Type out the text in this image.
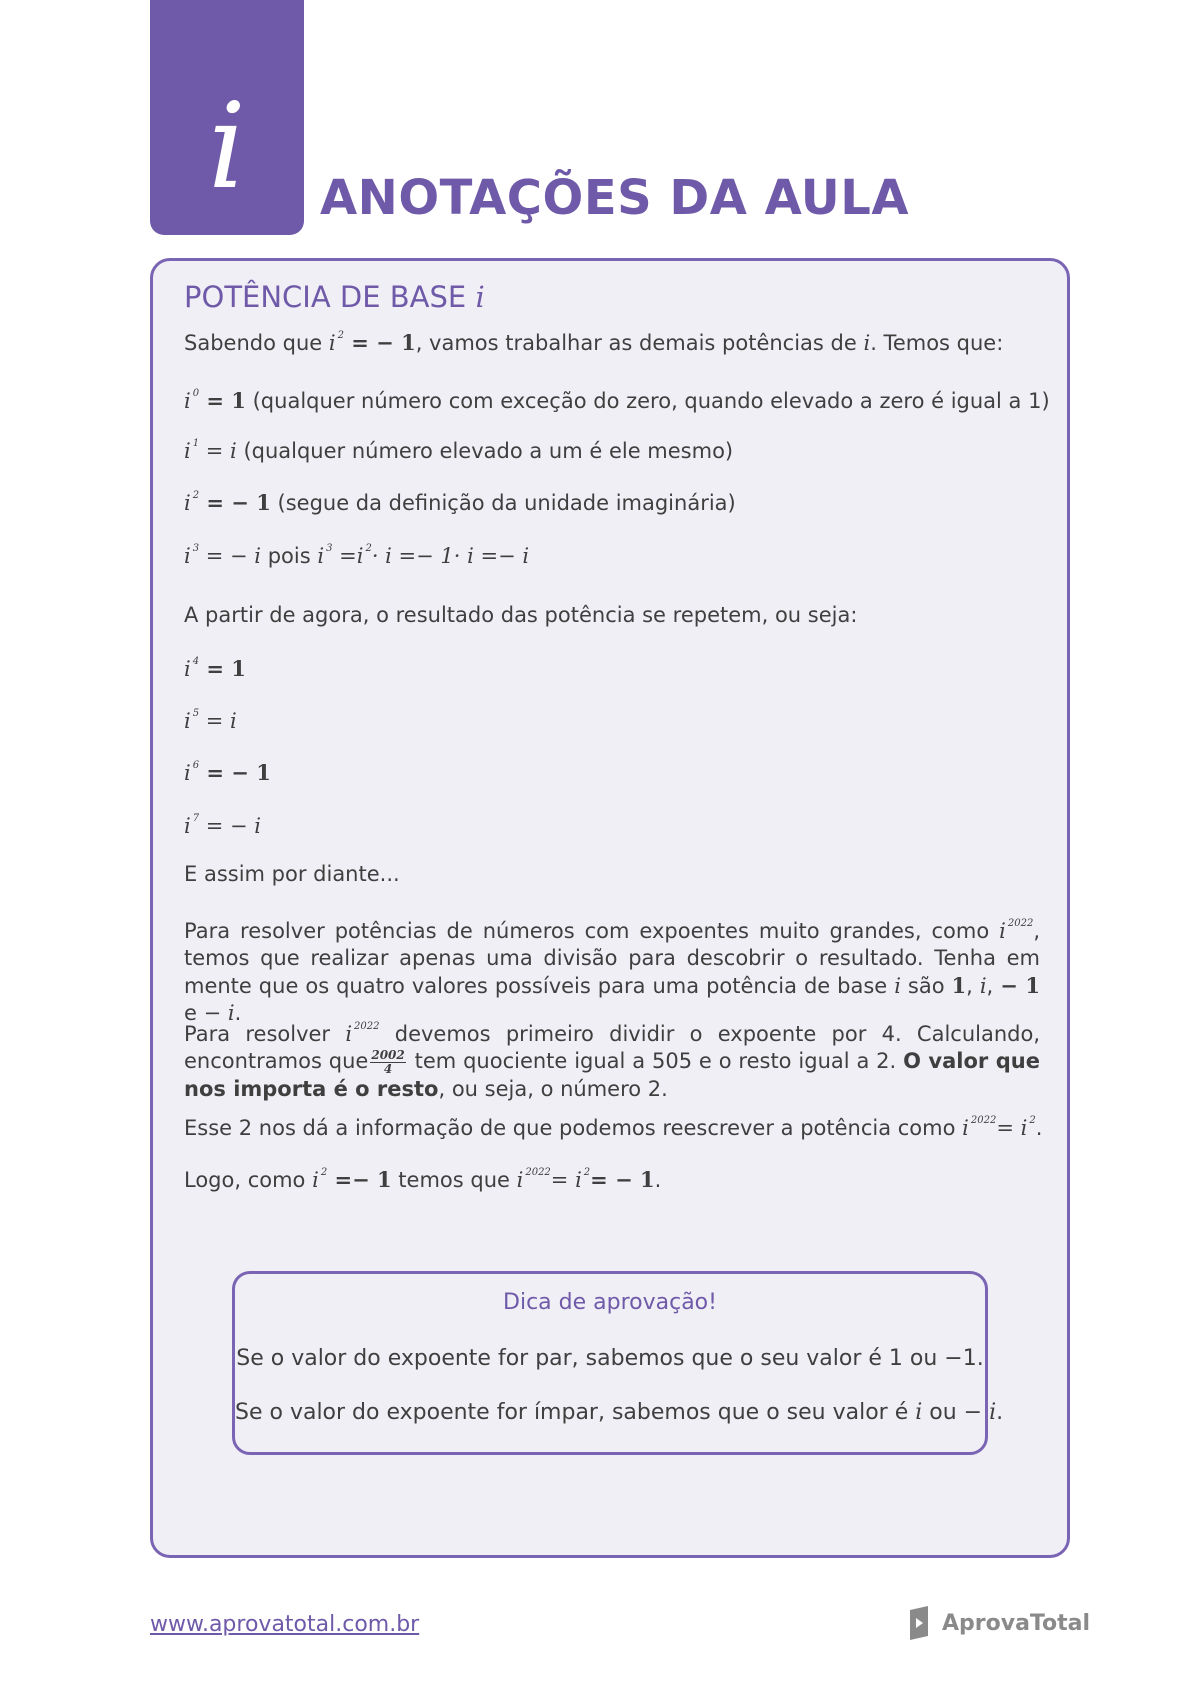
i ANOTAÇÕES DA AULA
POTÊNCIA DE BASE i
Sabendo que i $^2$ = − 1, vamos trabalhar as demais potências de i. Temos que:
i $^0$ = 1 (qualquer número com exceção do zero, quando elevado a zero é igual a 1)
i $^1$ = i (qualquer número elevado a um é ele mesmo)
i $^2$ = − 1 (segue da definição da unidade imaginária)
i $^3$ = − i pois i $^3$ =i $^2$· i =− 1· i =− i
A partir de agora, o resultado das potência se repetem, ou seja:
i $^4$ = 1
i $^5$ = i
i $^6$ = − 1
i $^7$ = − i
E assim por diante...
Para resolver potências de números com expoentes muito grandes, como i $^{2022}$, temos que realizar apenas uma divisão para descobrir o resultado. Tenha em mente que os quatro valores possíveis para uma potência de base i são 1, i, − 1 e − i.
Para resolver i $^{2022}$ devemos primeiro dividir o expoente por 4. Calculando, encontramos que $\frac{2002}{4}$ tem quociente igual a 505 e o resto igual a 2. O valor que nos importa é o resto, ou seja, o número 2.
Esse 2 nos dá a informação de que podemos reescrever a potência como i $^{2022}$= i $^2$.
Logo, como i $^2$ =− 1 temos que i $^{2022}$= i $^2$= − 1.
Dica de aprovação!
Se o valor do expoente for par, sabemos que o seu valor é 1 ou −1.
Se o valor do expoente for ímpar, sabemos que o seu valor é i ou − i.
www.aprovatotal.com.br	AprovaTotal
